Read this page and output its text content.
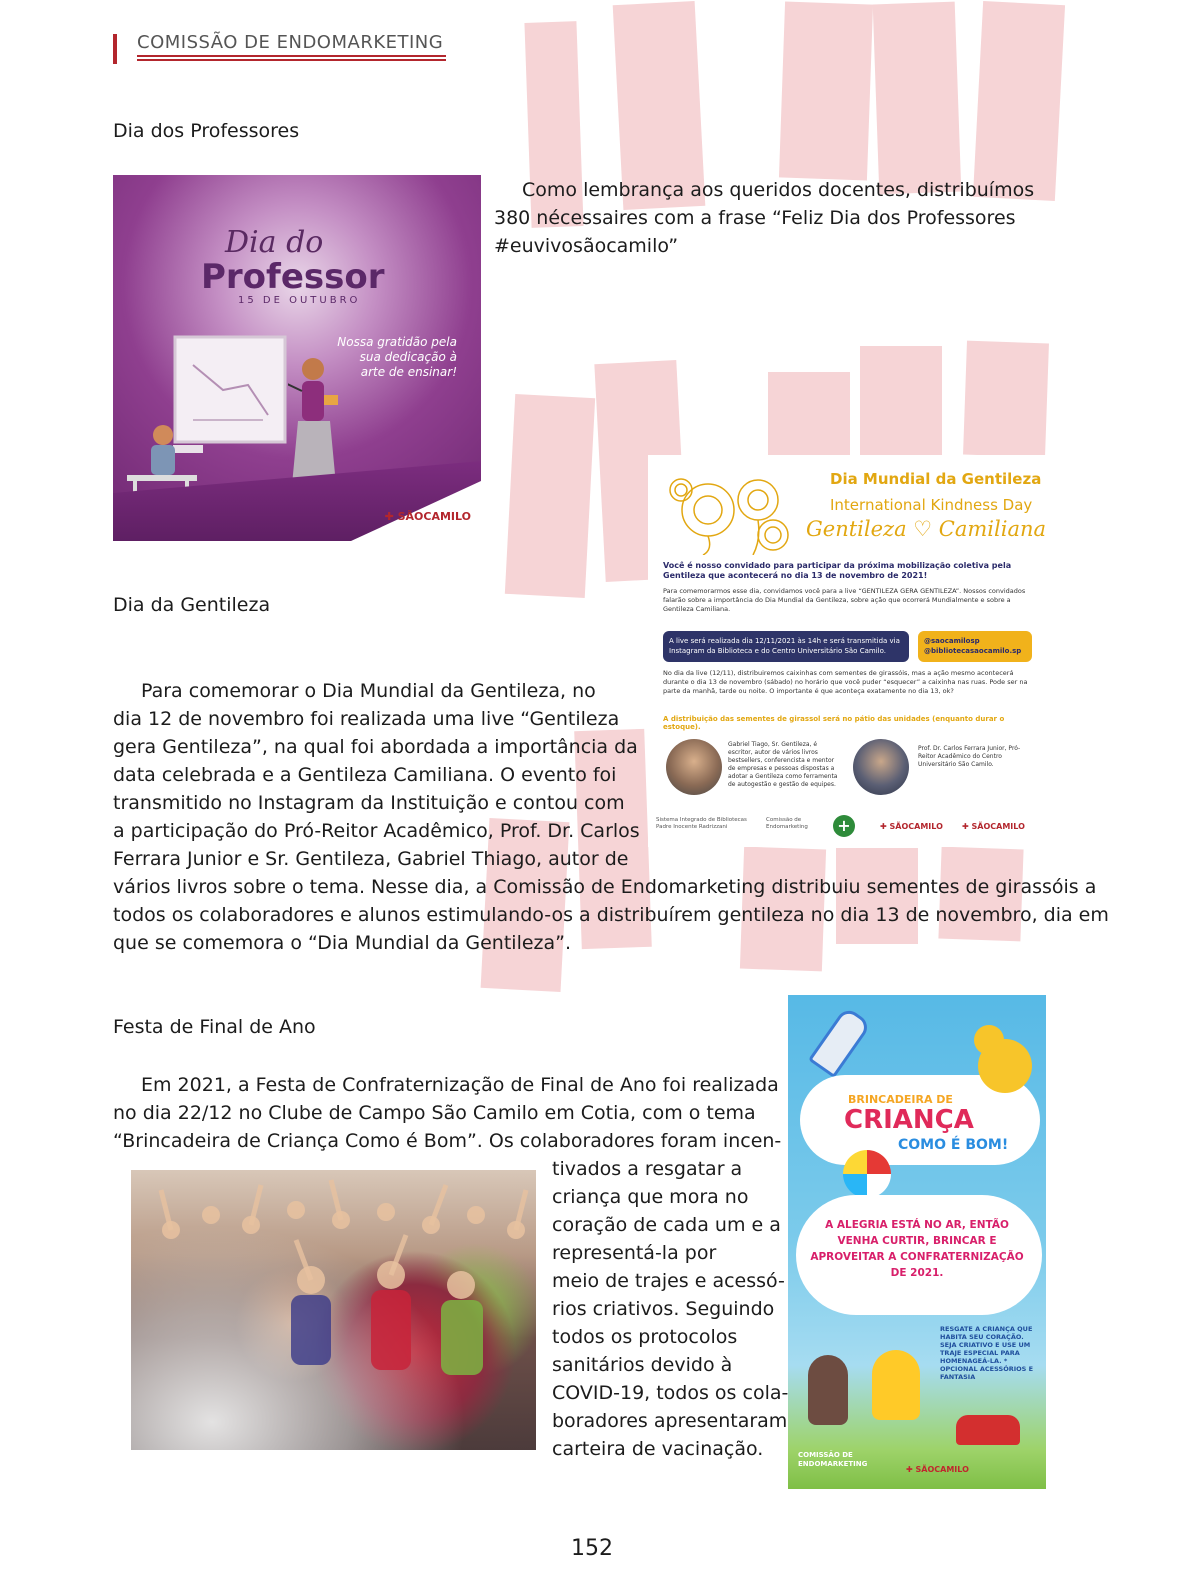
COMISSÃO DE ENDOMARKETING
Dia dos Professores
Dia do
Professor
15 DE OUTUBRO
Nossa gratidão pela
sua dedicação à
arte de ensinar!
✚ SÃOCAMILO
Como lembrança aos queridos docentes, distribuímos
380 nécessaires com a frase “Feliz Dia dos Professores
#euvivosãocamilo”
Dia da Gentileza
Dia Mundial da Gentileza
International Kindness Day
Gentileza ♡ Camiliana
Você é nosso convidado para participar da próxima mobilização coletiva pela Gentileza que acontecerá no dia 13 de novembro de 2021!
Para comemorarmos esse dia, convidamos você para a live “GENTILEZA GERA GENTILEZA”. Nossos convidados falarão sobre a importância do Dia Mundial da Gentileza, sobre ação que ocorrerá Mundialmente e sobre a Gentileza Camiliana.
A live será realizada dia 12/11/2021 às 14h e será transmitida via Instagram da Biblioteca e do Centro Universitário São Camilo.
@saocamilosp @bibliotecasaocamilo.sp
No dia da live (12/11), distribuiremos caixinhas com sementes de girassóis, mas a ação mesmo acontecerá durante o dia 13 de novembro (sábado) no horário que você puder “esquecer” a caixinha nas ruas. Pode ser na parte da manhã, tarde ou noite. O importante é que aconteça exatamente no dia 13, ok?
A distribuição das sementes de girassol será no pátio das unidades (enquanto durar o estoque).
Gabriel Tiago, Sr. Gentileza, é escritor, autor de vários livros bestsellers, conferencista e mentor de empresas e pessoas dispostas a adotar a Gentileza como ferramenta de autogestão e gestão de equipes.
Prof. Dr. Carlos Ferrara Junior, Pró-Reitor Acadêmico do Centro Universitário São Camilo.
Sistema Integrado de Bibliotecas Padre Inocente Radrizzani
Comissão de Endomarketing	+	✚ SÃOCAMILO ✚ SÃOCAMILO
Para comemorar o Dia Mundial da Gentileza, no
dia 12 de novembro foi realizada uma live “Gentileza
gera Gentileza”, na qual foi abordada a importância da
data celebrada e a Gentileza Camiliana. O evento foi
transmitido no Instagram da Instituição e contou com
a participação do Pró-Reitor Acadêmico, Prof. Dr. Carlos
Ferrara Junior e Sr. Gentileza, Gabriel Thiago, autor de
vários livros sobre o tema. Nesse dia, a Comissão de Endomarketing distribuiu sementes de girassóis a
todos os colaboradores e alunos estimulando-os a distribuírem gentileza no dia 13 de novembro, dia em
que se comemora o “Dia Mundial da Gentileza”.
Festa de Final de Ano
Em 2021, a Festa de Confraternização de Final de Ano foi realizada
no dia 22/12 no Clube de Campo São Camilo em Cotia, com o tema
“Brincadeira de Criança Como é Bom”. Os colaboradores foram incen-
tivados a resgatar a
criança que mora no
coração de cada um e a
representá-la por
meio de trajes e acessó-
rios criativos. Seguindo
todos os protocolos
sanitários devido à
COVID-19, todos os cola-
boradores apresentaram
carteira de vacinação.
BRINCADEIRA DE
CRIANÇA
COMO É BOM!
A ALEGRIA ESTÁ NO AR, ENTÃO VENHA CURTIR, BRINCAR E APROVEITAR A CONFRATERNIZAÇÃO DE 2021.
RESGATE A CRIANÇA QUE HABITA SEU CORAÇÃO. SEJA CRIATIVO E USE UM TRAJE ESPECIAL PARA HOMENAGEÁ-LA. * OPCIONAL ACESSÓRIOS E FANTASIA
COMISSÃO DE ENDOMARKETING
✚ SÃOCAMILO
152
